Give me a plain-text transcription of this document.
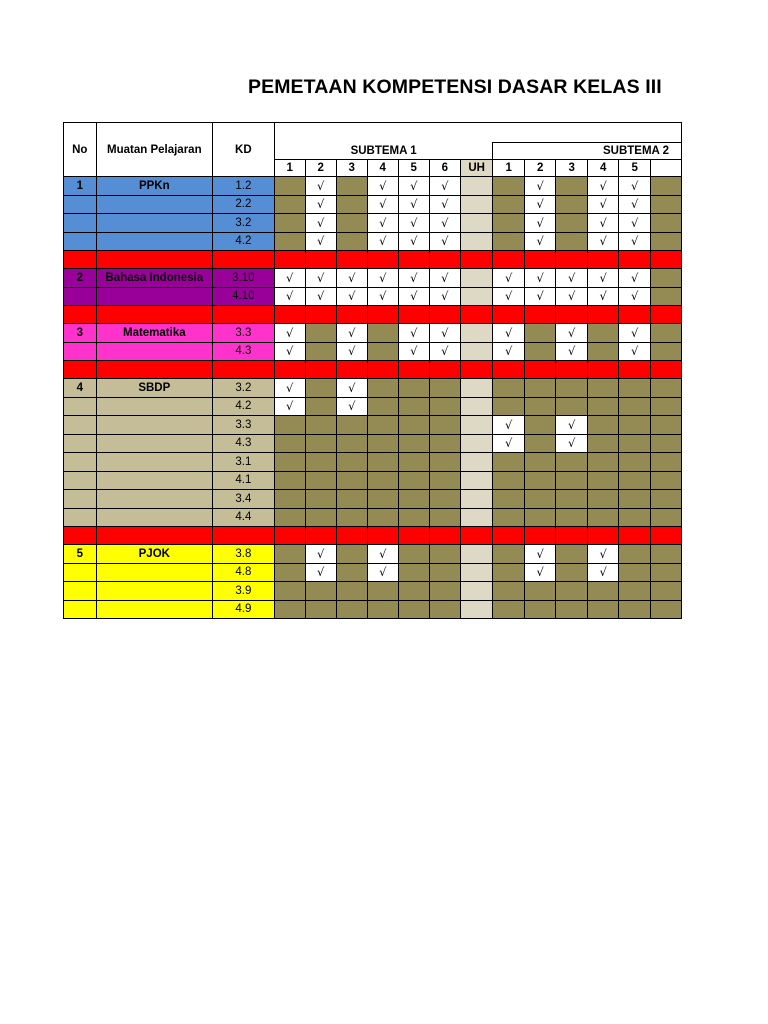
PEMETAAN KOMPETENSI DASAR KELAS III
No	Muatan Pelajaran	KD													
			SUBTEMA 1							SUBTEMA 2					
			1	2	3	4	5	6	UH	1	2	3	4	5	
1	PPKn	1.2		√		√	√	√			√		√	√	
		2.2		√		√	√	√			√		√	√	
		3.2		√		√	√	√			√		√	√	
		4.2		√		√	√	√			√		√	√	

2	Bahasa Indonesia	3.10	√	√	√	√	√	√		√	√	√	√	√	
		4.10	√	√	√	√	√	√		√	√	√	√	√	

3	Matematika	3.3	√		√		√	√		√		√		√	
		4.3	√		√		√	√		√		√		√	

4	SBDP	3.2	√		√										
		4.2	√		√										
		3.3								√		√			
		4.3								√		√			
		3.1													
		4.1													
		3.4													
		4.4													

5	PJOK	3.8		√		√					√		√		
		4.8		√		√					√		√		
		3.9													
		4.9													
